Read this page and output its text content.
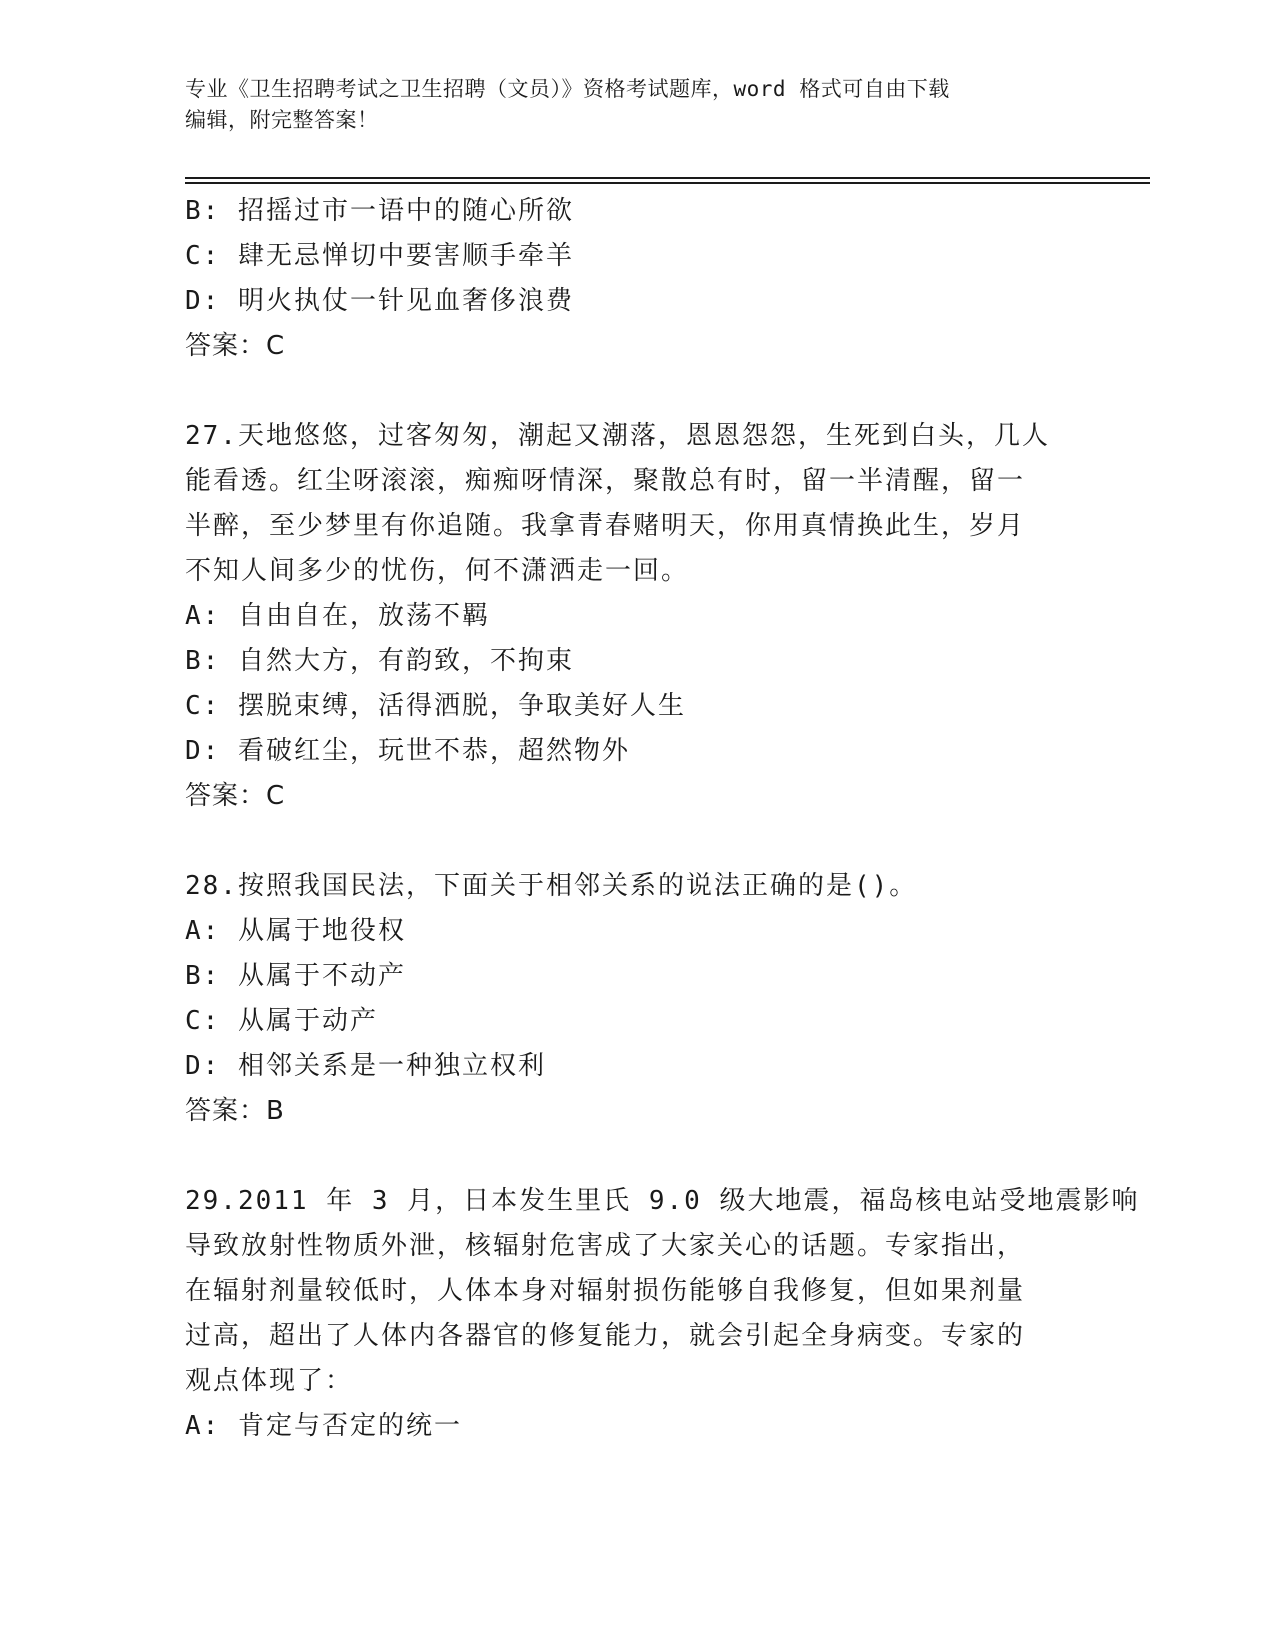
专业《卫生招聘考试之卫生招聘（文员）》资格考试题库，word 格式可自由下载
编辑，附完整答案！
B: 招摇过市一语中的随心所欲
C: 肆无忌惮切中要害顺手牵羊
D: 明火执仗一针见血奢侈浪费
答案：C
27.天地悠悠，过客匆匆，潮起又潮落，恩恩怨怨，生死到白头，几人
能看透。红尘呀滚滚，痴痴呀情深，聚散总有时，留一半清醒，留一
半醉，至少梦里有你追随。我拿青春赌明天，你用真情换此生，岁月
不知人间多少的忧伤，何不潇洒走一回。
A: 自由自在，放荡不羁
B: 自然大方，有韵致，不拘束
C: 摆脱束缚，活得洒脱，争取美好人生
D: 看破红尘，玩世不恭，超然物外
答案：C
28.按照我国民法，下面关于相邻关系的说法正确的是()。
A: 从属于地役权
B: 从属于不动产
C: 从属于动产
D: 相邻关系是一种独立权利
答案：B
29.2011 年 3 月，日本发生里氏 9.0 级大地震，福岛核电站受地震影响
导致放射性物质外泄，核辐射危害成了大家关心的话题。专家指出，
在辐射剂量较低时，人体本身对辐射损伤能够自我修复，但如果剂量
过高，超出了人体内各器官的修复能力，就会引起全身病变。专家的
观点体现了：
A: 肯定与否定的统一
